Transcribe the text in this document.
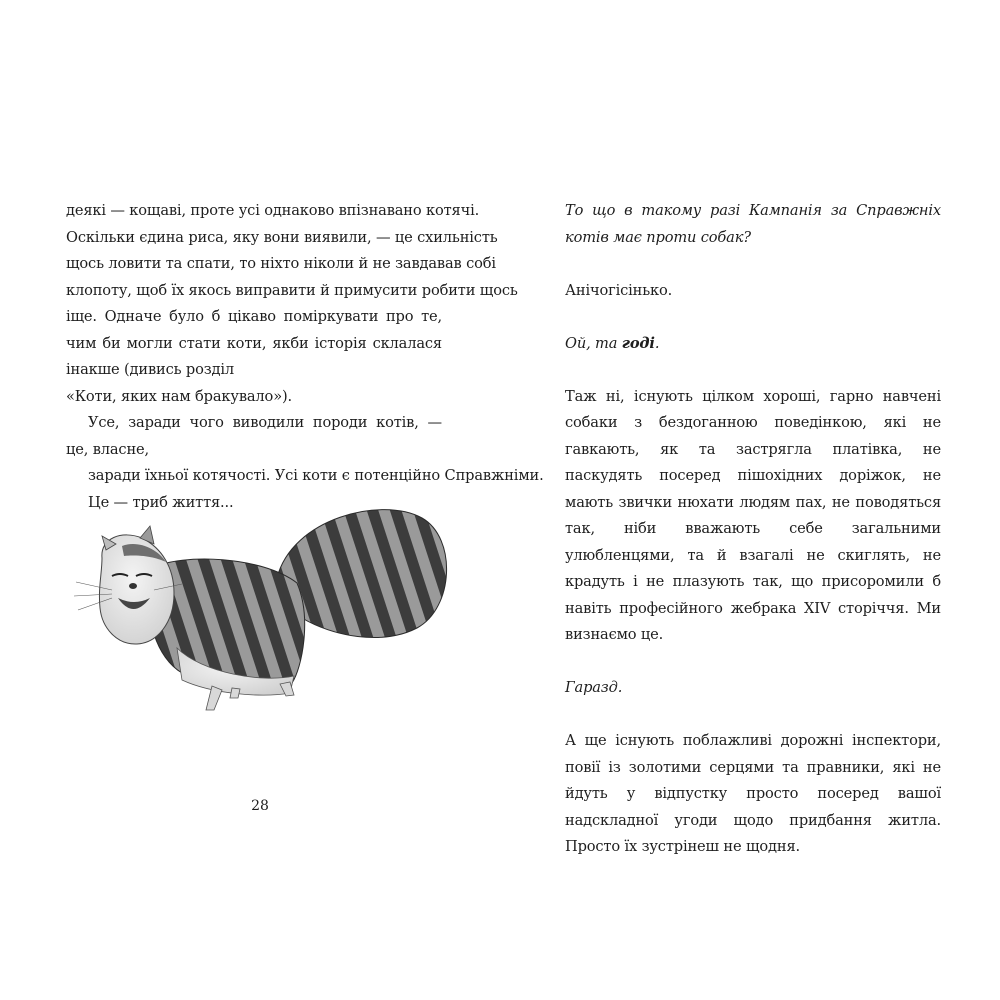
деякі — кощаві, проте усі однаково впізнавано котячі.
Оскільки єдина риса, яку вони виявили, — це схильність
щось ловити та спати, то ніхто ніколи й не завдавав собі
клопоту, щоб їх якось виправити й примусити робити щось
іще. Одначе було б цікаво поміркувати про те, чим би могли стати коти, якби історія склалася інакше (дивись розділ
«Коти, яких нам бракувало»).

Усе, заради чого виводили породи котів, — це, власне,
заради їхньої котячості. Усі коти є потенційно Справжніми.
Це — триб життя...

28

То що в такому разі Кампанія за Справжніх котів має проти собак?

Анічогісінько.

Ой, та годі.

Таж ні, існують цілком хороші, гарно навчені собаки з бездоганною поведінкою, які не гавкають, як та застрягла платівка, не паскудять посеред пішохідних доріжок, не мають звички нюхати людям пах, не поводяться так, ніби вважають себе загальними улюбленцями, та й взагалі не скиглять, не крадуть і не плазують так, що присоромили б навіть професійного жебрака XIV сторіччя. Ми визнаємо це.

Гаразд.

А ще існують поблажливі дорожні інспектори, повії із золотими серцями та правники, які не йдуть у відпустку просто посеред вашої надскладної угоди щодо придбання житла. Просто їх зустрінеш не щодня.
